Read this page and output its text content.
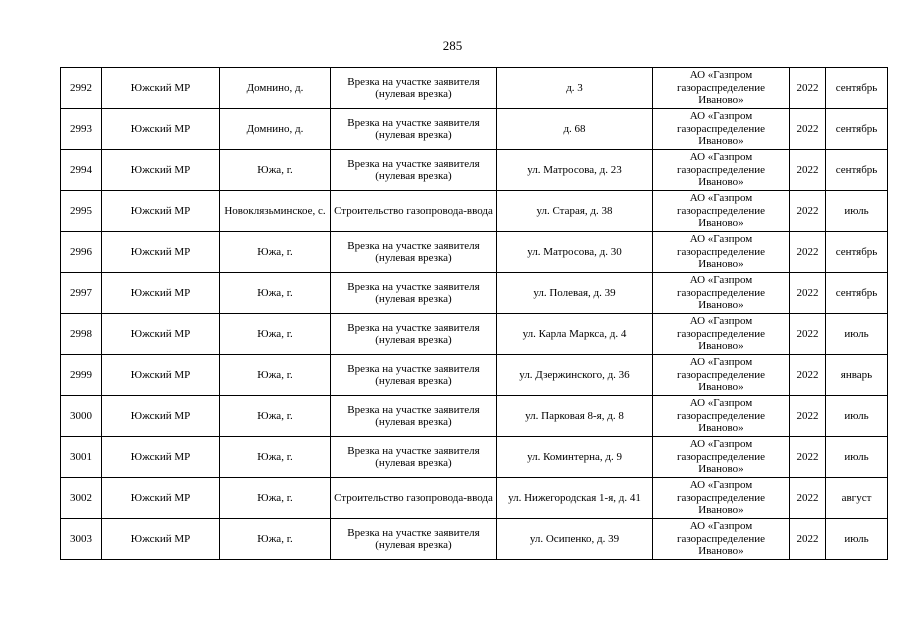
285
2992	Южский МР	Домнино, д.	Врезка на участке заявителя (нулевая врезка)	д. 3	АО «Газпром газораспределение Иваново»	2022	сентябрь
2993	Южский МР	Домнино, д.	Врезка на участке заявителя (нулевая врезка)	д. 68	АО «Газпром газораспределение Иваново»	2022	сентябрь
2994	Южский МР	Южа, г.	Врезка на участке заявителя (нулевая врезка)	ул. Матросова, д. 23	АО «Газпром газораспределение Иваново»	2022	сентябрь
2995	Южский МР	Новоклязьминское, с.	Строительство газопровода-ввода	ул. Старая, д. 38	АО «Газпром газораспределение Иваново»	2022	июль
2996	Южский МР	Южа, г.	Врезка на участке заявителя (нулевая врезка)	ул. Матросова, д. 30	АО «Газпром газораспределение Иваново»	2022	сентябрь
2997	Южский МР	Южа, г.	Врезка на участке заявителя (нулевая врезка)	ул. Полевая, д. 39	АО «Газпром газораспределение Иваново»	2022	сентябрь
2998	Южский МР	Южа, г.	Врезка на участке заявителя (нулевая врезка)	ул. Карла Маркса, д. 4	АО «Газпром газораспределение Иваново»	2022	июль
2999	Южский МР	Южа, г.	Врезка на участке заявителя (нулевая врезка)	ул. Дзержинского, д. 36	АО «Газпром газораспределение Иваново»	2022	январь
3000	Южский МР	Южа, г.	Врезка на участке заявителя (нулевая врезка)	ул. Парковая 8-я, д. 8	АО «Газпром газораспределение Иваново»	2022	июль
3001	Южский МР	Южа, г.	Врезка на участке заявителя (нулевая врезка)	ул. Коминтерна, д. 9	АО «Газпром газораспределение Иваново»	2022	июль
3002	Южский МР	Южа, г.	Строительство газопровода-ввода	ул. Нижегородская 1-я, д. 41	АО «Газпром газораспределение Иваново»	2022	август
3003	Южский МР	Южа, г.	Врезка на участке заявителя (нулевая врезка)	ул. Осипенко, д. 39	АО «Газпром газораспределение Иваново»	2022	июль
